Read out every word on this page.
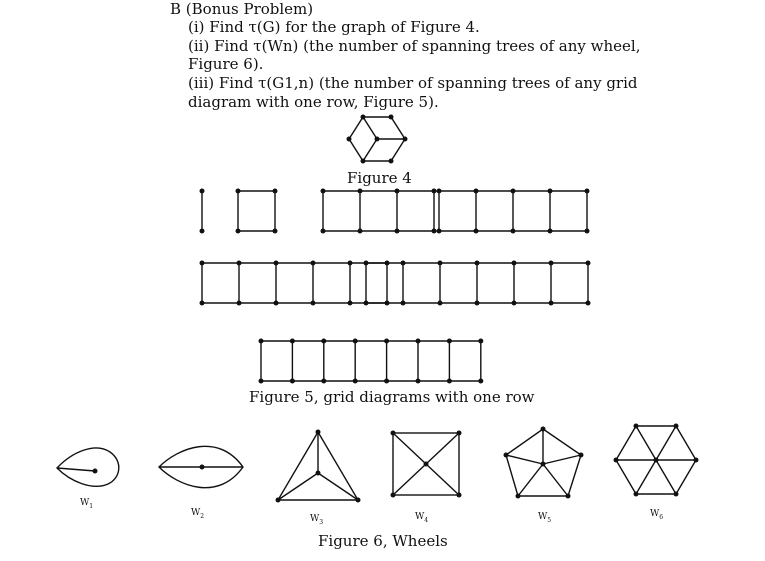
B (Bonus Problem)
(i) Find τ(G) for the graph of Figure 4.
(ii) Find τ(Wn) (the number of spanning trees of any wheel,
Figure 6).
(iii) Find τ(G1,n) (the number of spanning trees of any grid
diagram with one row, Figure 5).
Figure 4
Figure 5, grid diagrams with one row
$W_1$
$W_2$	$W_3$
$W_4$	$W_5$
$W_6$
Figure 6, Wheels
